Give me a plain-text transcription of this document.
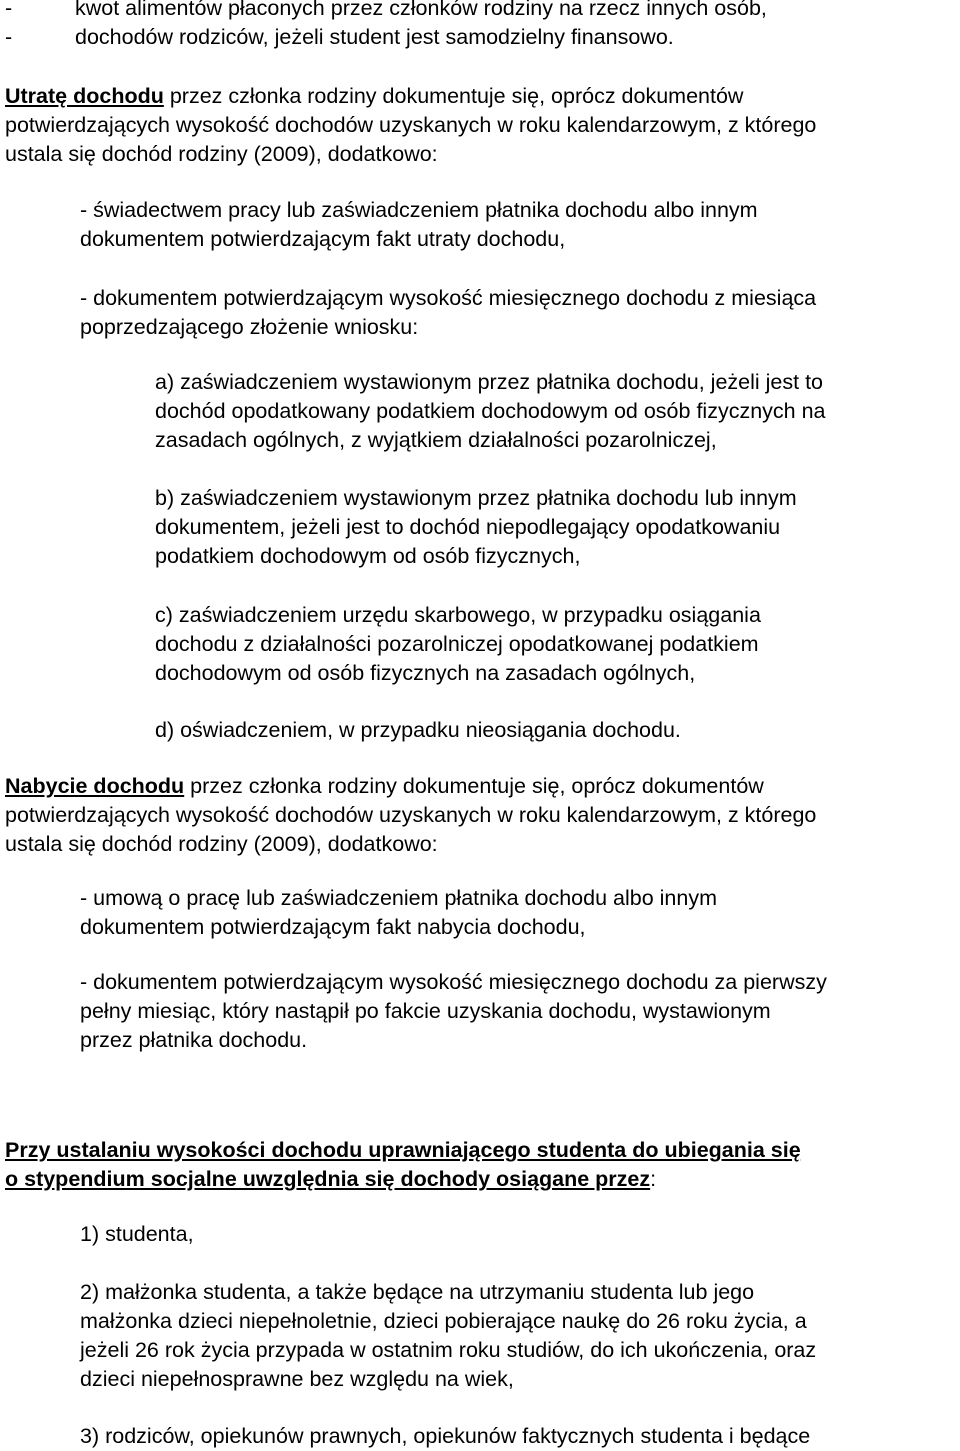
-	kwot alimentów płaconych przez członków rodziny na rzecz innych osób,
-	dochodów rodziców, jeżeli student jest samodzielny finansowo.
Utratę dochodu przez członka rodziny dokumentuje się, oprócz dokumentów
potwierdzających wysokość dochodów uzyskanych w roku kalendarzowym, z którego
ustala się dochód rodziny (2009), dodatkowo:
- świadectwem pracy lub zaświadczeniem płatnika dochodu albo innym
dokumentem potwierdzającym fakt utraty dochodu,
- dokumentem potwierdzającym wysokość miesięcznego dochodu z miesiąca
poprzedzającego złożenie wniosku:
a) zaświadczeniem wystawionym przez płatnika dochodu, jeżeli jest to
dochód opodatkowany podatkiem dochodowym od osób fizycznych na
zasadach ogólnych, z wyjątkiem działalności pozarolniczej,
b) zaświadczeniem wystawionym przez płatnika dochodu lub innym
dokumentem, jeżeli jest to dochód niepodlegający opodatkowaniu
podatkiem dochodowym od osób fizycznych,
c) zaświadczeniem urzędu skarbowego, w przypadku osiągania
dochodu z działalności pozarolniczej opodatkowanej podatkiem
dochodowym od osób fizycznych na zasadach ogólnych,
d) oświadczeniem, w przypadku nieosiągania dochodu.
Nabycie dochodu przez członka rodziny dokumentuje się, oprócz dokumentów
potwierdzających wysokość dochodów uzyskanych w roku kalendarzowym, z którego
ustala się dochód rodziny (2009), dodatkowo:
- umową o pracę lub zaświadczeniem płatnika dochodu albo innym
dokumentem potwierdzającym fakt nabycia dochodu,
- dokumentem potwierdzającym wysokość miesięcznego dochodu za pierwszy
pełny miesiąc, który nastąpił po fakcie uzyskania dochodu, wystawionym
przez płatnika dochodu.
Przy ustalaniu wysokości dochodu uprawniającego studenta do ubiegania się
o stypendium socjalne uwzględnia się dochody osiągane przez:
1) studenta,
2) małżonka studenta, a także będące na utrzymaniu studenta lub jego
małżonka dzieci niepełnoletnie, dzieci pobierające naukę do 26 roku życia, a
jeżeli 26 rok życia przypada w ostatnim roku studiów, do ich ukończenia, oraz
dzieci niepełnosprawne bez względu na wiek,
3) rodziców, opiekunów prawnych, opiekunów faktycznych studenta i będące
